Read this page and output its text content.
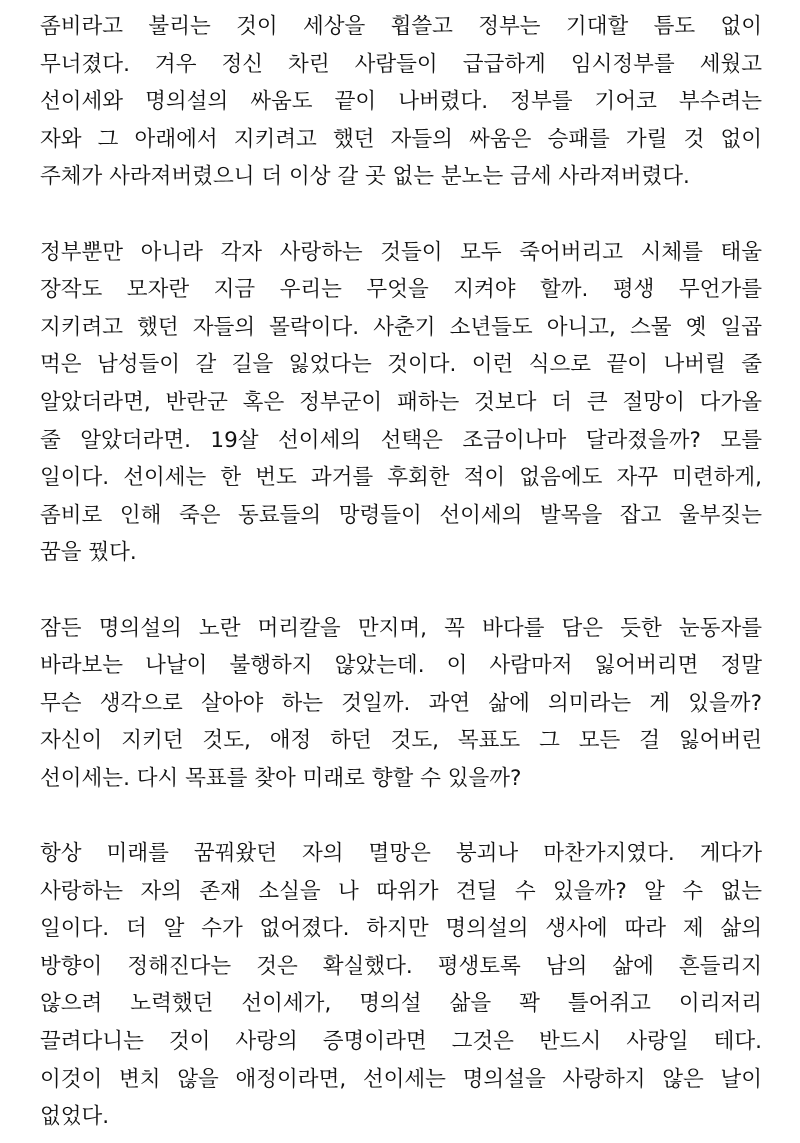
좀비라고 불리는 것이 세상을 휩쓸고 정부는 기대할 틈도 없이
무너졌다. 겨우 정신 차린 사람들이 급급하게 임시정부를 세웠고
선이세와 명의설의 싸움도 끝이 나버렸다. 정부를 기어코 부수려는
자와 그 아래에서 지키려고 했던 자들의 싸움은 승패를 가릴 것 없이
주체가 사라져버렸으니 더 이상 갈 곳 없는 분노는 금세 사라져버렸다.
정부뿐만 아니라 각자 사랑하는 것들이 모두 죽어버리고 시체를 태울
장작도 모자란 지금 우리는 무엇을 지켜야 할까. 평생 무언가를
지키려고 했던 자들의 몰락이다. 사춘기 소년들도 아니고, 스물 옛 일곱
먹은 남성들이 갈 길을 잃었다는 것이다. 이런 식으로 끝이 나버릴 줄
알았더라면, 반란군 혹은 정부군이 패하는 것보다 더 큰 절망이 다가올
줄 알았더라면. 19살 선이세의 선택은 조금이나마 달라졌을까? 모를
일이다. 선이세는 한 번도 과거를 후회한 적이 없음에도 자꾸 미련하게,
좀비로 인해 죽은 동료들의 망령들이 선이세의 발목을 잡고 울부짖는
꿈을 꿨다.
잠든 명의설의 노란 머리칼을 만지며, 꼭 바다를 담은 듯한 눈동자를
바라보는 나날이 불행하지 않았는데. 이 사람마저 잃어버리면 정말
무슨 생각으로 살아야 하는 것일까. 과연 삶에 의미라는 게 있을까?
자신이 지키던 것도, 애정 하던 것도, 목표도 그 모든 걸 잃어버린
선이세는. 다시 목표를 찾아 미래로 향할 수 있을까?
항상 미래를 꿈꿔왔던 자의 멸망은 붕괴나 마찬가지였다. 게다가
사랑하는 자의 존재 소실을 나 따위가 견딜 수 있을까? 알 수 없는
일이다. 더 알 수가 없어졌다. 하지만 명의설의 생사에 따라 제 삶의
방향이 정해진다는 것은 확실했다. 평생토록 남의 삶에 흔들리지
않으려 노력했던 선이세가, 명의설 삶을 꽉 틀어쥐고 이리저리
끌려다니는 것이 사랑의 증명이라면 그것은 반드시 사랑일 테다.
이것이 변치 않을 애정이라면, 선이세는 명의설을 사랑하지 않은 날이
없었다.
